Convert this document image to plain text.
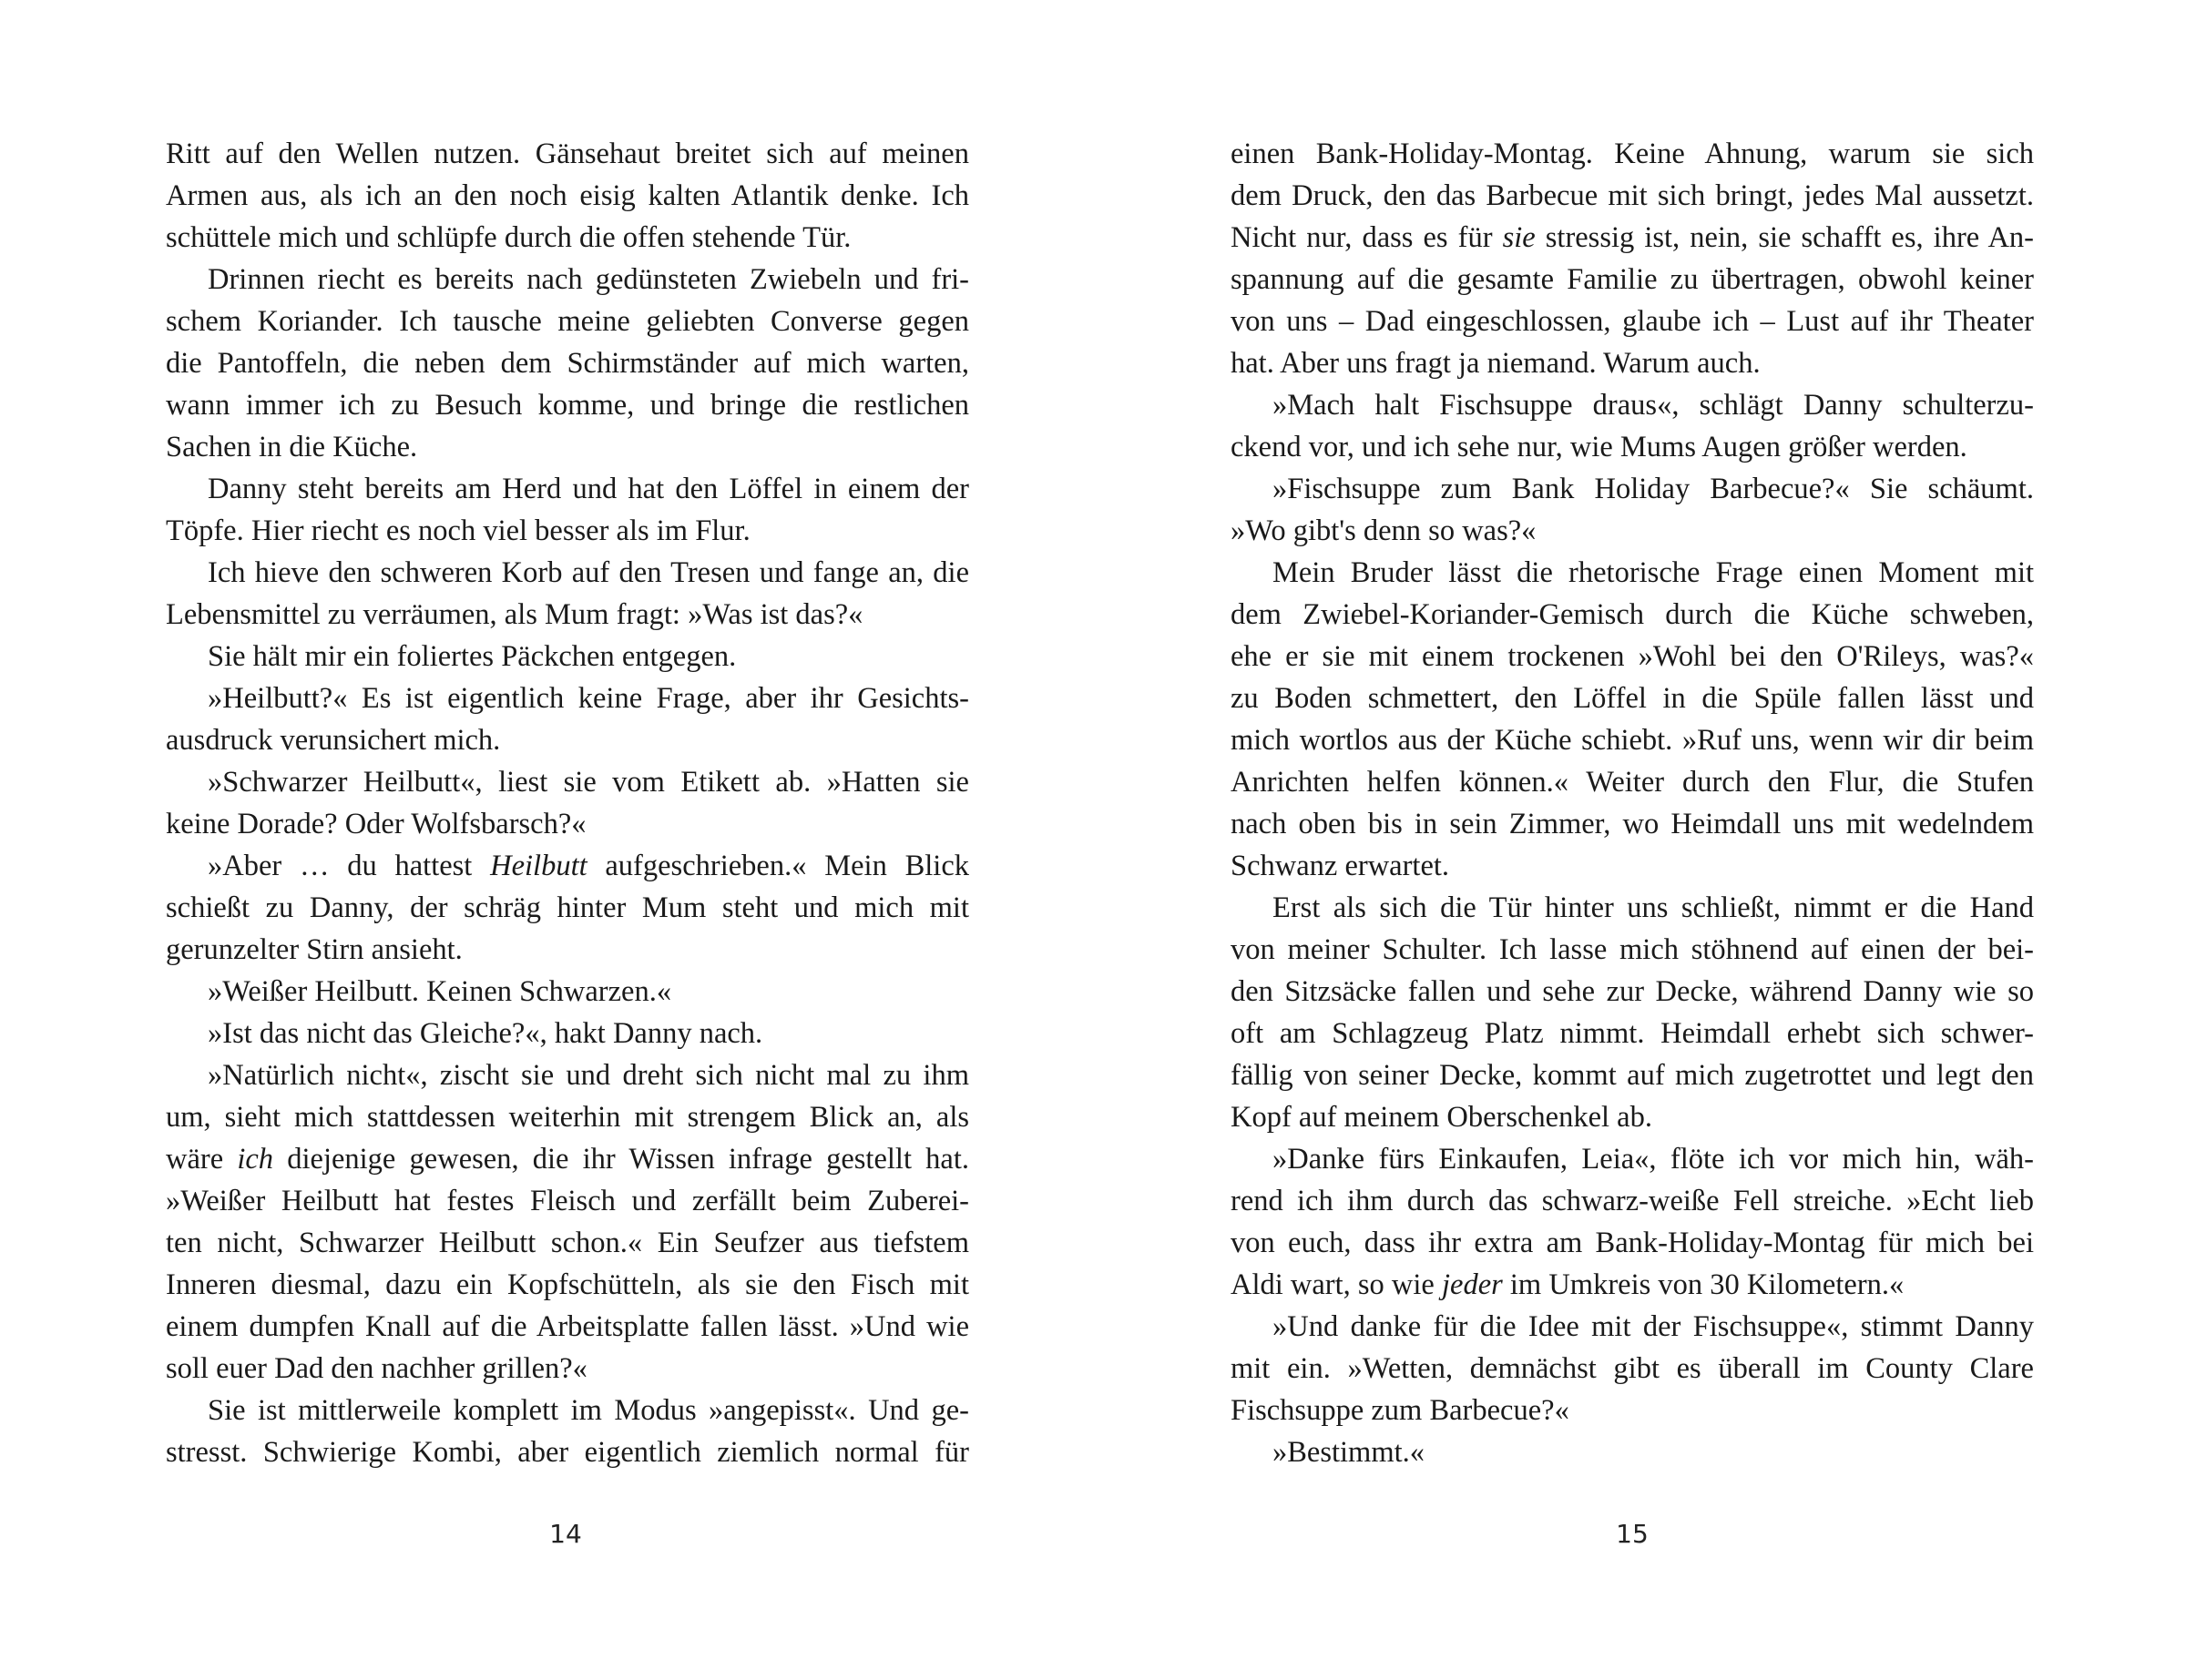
Ritt auf den Wellen nutzen. Gänsehaut breitet sich auf meinen
Armen aus, als ich an den noch eisig kalten Atlantik denke. Ich
schüttele mich und schlüpfe durch die offen stehende Tür.
Drinnen riecht es bereits nach gedünsteten Zwiebeln und fri-
schem Koriander. Ich tausche meine geliebten Converse gegen
die Pantoffeln, die neben dem Schirmständer auf mich warten,
wann immer ich zu Besuch komme, und bringe die restlichen
Sachen in die Küche.
Danny steht bereits am Herd und hat den Löffel in einem der
Töpfe. Hier riecht es noch viel besser als im Flur.
Ich hieve den schweren Korb auf den Tresen und fange an, die
Lebensmittel zu verräumen, als Mum fragt: »Was ist das?«
Sie hält mir ein foliertes Päckchen entgegen.
»Heilbutt?« Es ist eigentlich keine Frage, aber ihr Gesichts-
ausdruck verunsichert mich.
»Schwarzer Heilbutt«, liest sie vom Etikett ab. »Hatten sie
keine Dorade? Oder Wolfsbarsch?«
»Aber … du hattest Heilbutt aufgeschrieben.« Mein Blick
schießt zu Danny, der schräg hinter Mum steht und mich mit
gerunzelter Stirn ansieht.
»Weißer Heilbutt. Keinen Schwarzen.«
»Ist das nicht das Gleiche?«, hakt Danny nach.
»Natürlich nicht«, zischt sie und dreht sich nicht mal zu ihm
um, sieht mich stattdessen weiterhin mit strengem Blick an, als
wäre ich diejenige gewesen, die ihr Wissen infrage gestellt hat.
»Weißer Heilbutt hat festes Fleisch und zerfällt beim Zuberei-
ten nicht, Schwarzer Heilbutt schon.« Ein Seufzer aus tiefstem
Inneren diesmal, dazu ein Kopfschütteln, als sie den Fisch mit
einem dumpfen Knall auf die Arbeitsplatte fallen lässt. »Und wie
soll euer Dad den nachher grillen?«
Sie ist mittlerweile komplett im Modus »angepisst«. Und ge-
stresst. Schwierige Kombi, aber eigentlich ziemlich normal für
einen Bank-Holiday-Montag. Keine Ahnung, warum sie sich
dem Druck, den das Barbecue mit sich bringt, jedes Mal aussetzt.
Nicht nur, dass es für sie stressig ist, nein, sie schafft es, ihre An-
spannung auf die gesamte Familie zu übertragen, obwohl keiner
von uns – Dad eingeschlossen, glaube ich – Lust auf ihr Theater
hat. Aber uns fragt ja niemand. Warum auch.
»Mach halt Fischsuppe draus«, schlägt Danny schulterzu-
ckend vor, und ich sehe nur, wie Mums Augen größer werden.
»Fischsuppe zum Bank Holiday Barbecue?« Sie schäumt.
»Wo gibt's denn so was?«
Mein Bruder lässt die rhetorische Frage einen Moment mit
dem Zwiebel-Koriander-Gemisch durch die Küche schweben,
ehe er sie mit einem trockenen »Wohl bei den O'Rileys, was?«
zu Boden schmettert, den Löffel in die Spüle fallen lässt und
mich wortlos aus der Küche schiebt. »Ruf uns, wenn wir dir beim
Anrichten helfen können.« Weiter durch den Flur, die Stufen
nach oben bis in sein Zimmer, wo Heimdall uns mit wedelndem
Schwanz erwartet.
Erst als sich die Tür hinter uns schließt, nimmt er die Hand
von meiner Schulter. Ich lasse mich stöhnend auf einen der bei-
den Sitzsäcke fallen und sehe zur Decke, während Danny wie so
oft am Schlagzeug Platz nimmt. Heimdall erhebt sich schwer-
fällig von seiner Decke, kommt auf mich zugetrottet und legt den
Kopf auf meinem Oberschenkel ab.
»Danke fürs Einkaufen, Leia«, flöte ich vor mich hin, wäh-
rend ich ihm durch das schwarz-weiße Fell streiche. »Echt lieb
von euch, dass ihr extra am Bank-Holiday-Montag für mich bei
Aldi wart, so wie jeder im Umkreis von 30 Kilometern.«
»Und danke für die Idee mit der Fischsuppe«, stimmt Danny
mit ein. »Wetten, demnächst gibt es überall im County Clare
Fischsuppe zum Barbecue?«
»Bestimmt.«
14	15
